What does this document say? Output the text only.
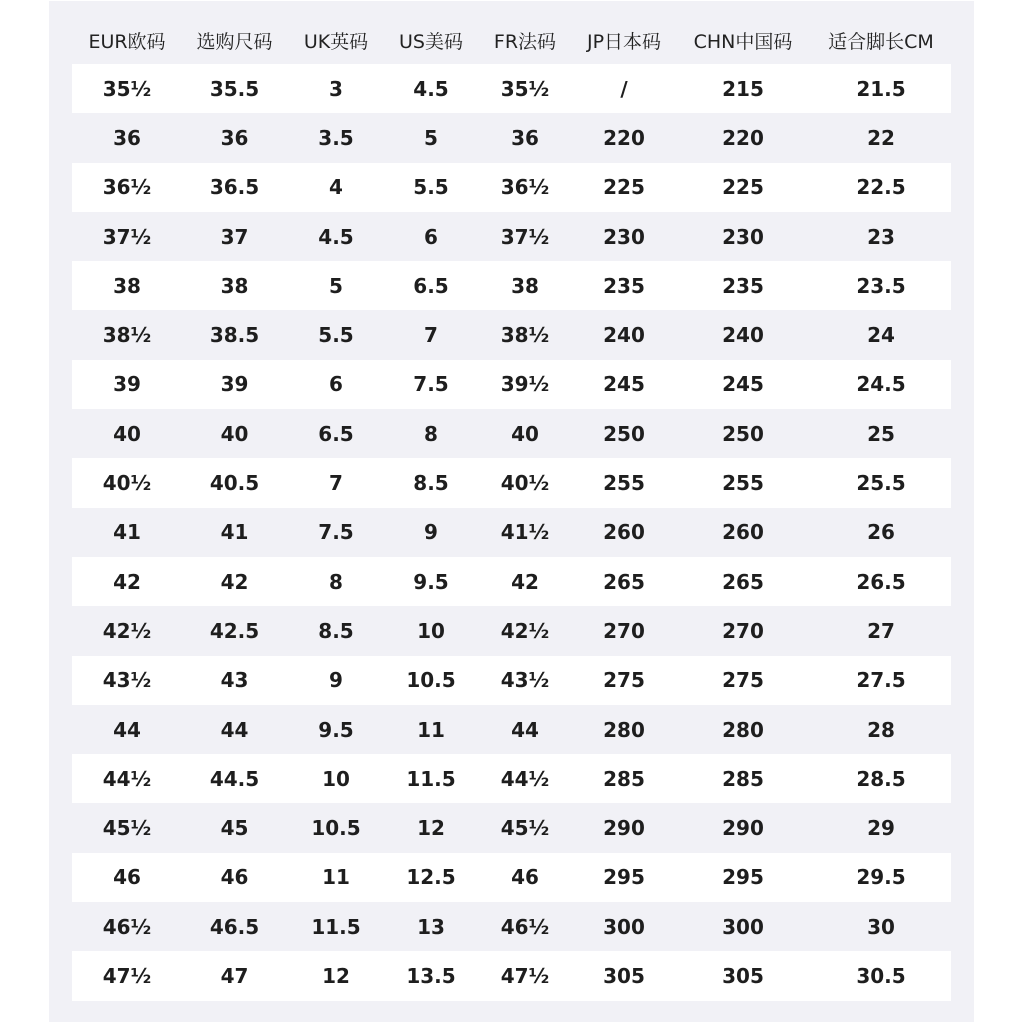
EUR欧码	选购尺码	UK英码	US美码	FR法码	JP日本码	CHN中国码	适合脚长CM
35½	35.5	3	4.5	35½	/	215	21.5
36	36	3.5	5	36	220	220	22
36½	36.5	4	5.5	36½	225	225	22.5
37½	37	4.5	6	37½	230	230	23
38	38	5	6.5	38	235	235	23.5
38½	38.5	5.5	7	38½	240	240	24
39	39	6	7.5	39½	245	245	24.5
40	40	6.5	8	40	250	250	25
40½	40.5	7	8.5	40½	255	255	25.5
41	41	7.5	9	41½	260	260	26
42	42	8	9.5	42	265	265	26.5
42½	42.5	8.5	10	42½	270	270	27
43½	43	9	10.5	43½	275	275	27.5
44	44	9.5	11	44	280	280	28
44½	44.5	10	11.5	44½	285	285	28.5
45½	45	10.5	12	45½	290	290	29
46	46	11	12.5	46	295	295	29.5
46½	46.5	11.5	13	46½	300	300	30
47½	47	12	13.5	47½	305	305	30.5
